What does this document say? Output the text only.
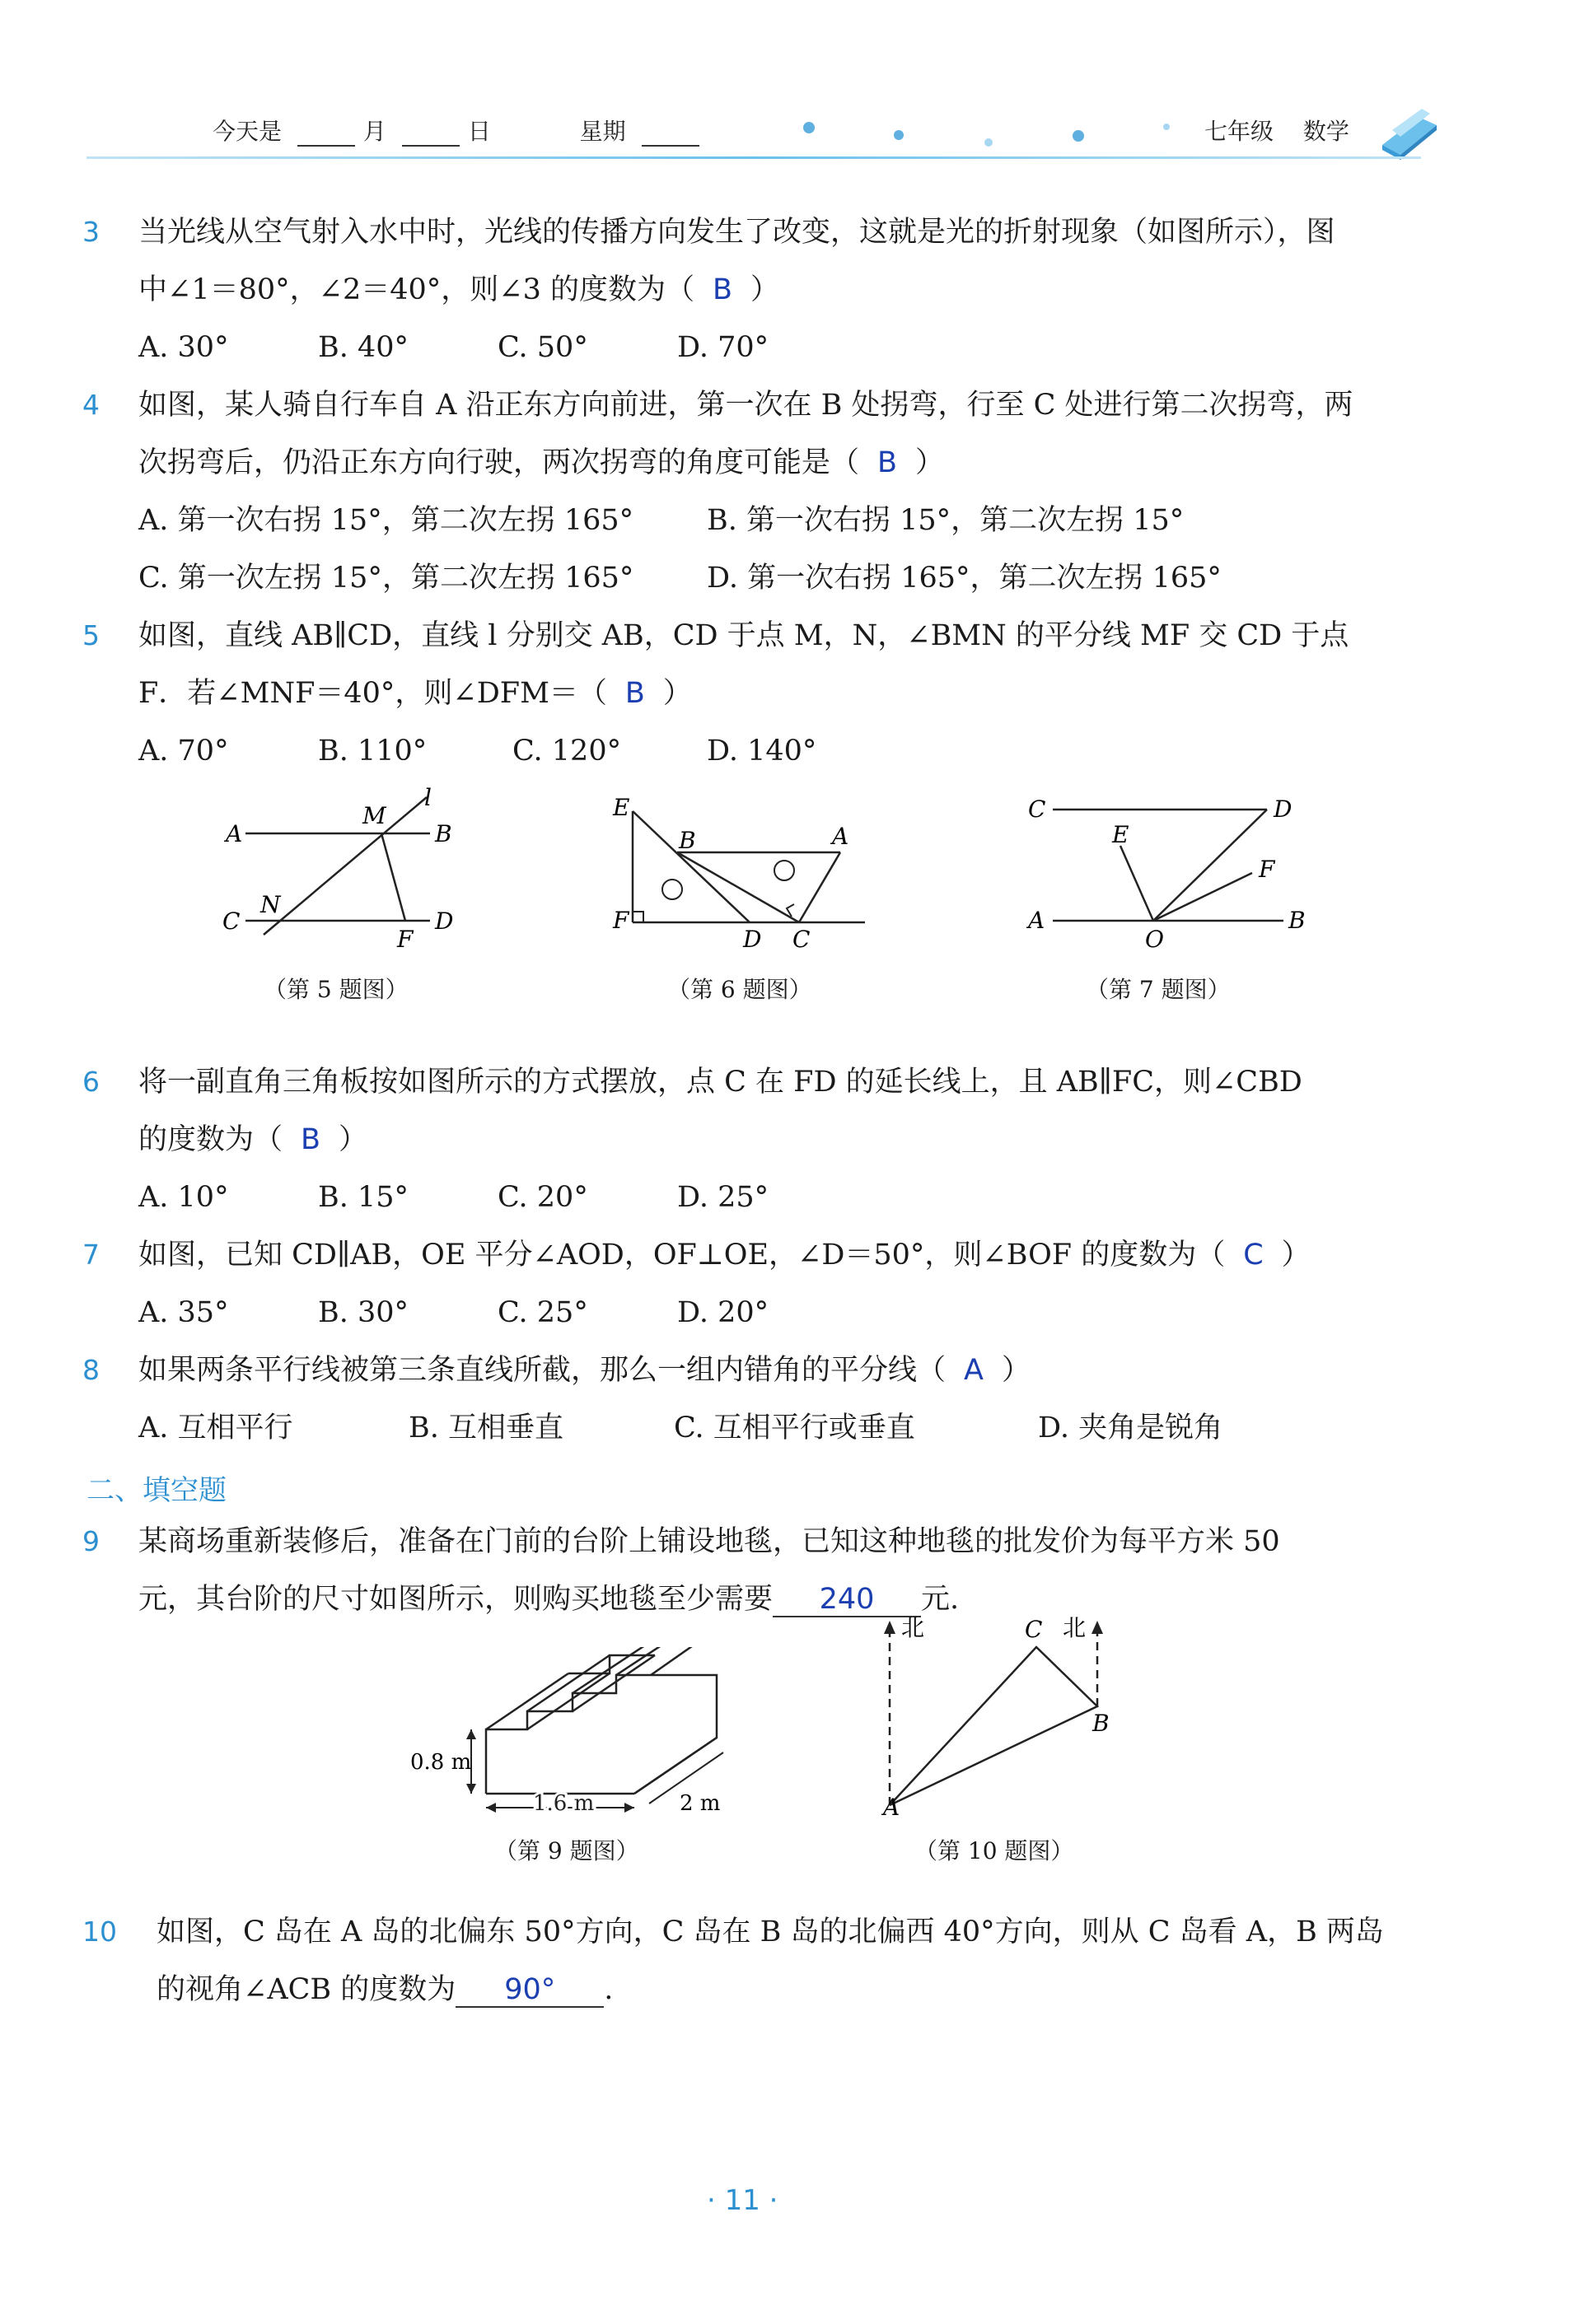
今天是	月	日	星期	七年级 数学
3 当光线从空气射入水中时，光线的传播方向发生了改变，这就是光的折射现象（如图所示），图
中∠1＝80°，∠2＝40°，则∠3 的度数为（ B ）
A. 30°	B. 40°	C. 50°	D. 70°
4 如图，某人骑自行车自 A 沿正东方向前进，第一次在 B 处拐弯，行至 C 处进行第二次拐弯，两
次拐弯后，仍沿正东方向行驶，两次拐弯的角度可能是（ B ）
A. 第一次右拐 15°，第二次左拐 165°	B. 第一次右拐 15°，第二次左拐 15°
C. 第一次左拐 15°，第二次左拐 165°	D. 第一次右拐 165°，第二次左拐 165°
5 如图，直线 AB∥CD，直线 l 分别交 AB，CD 于点 M，N，∠BMN 的平分线 MF 交 CD 于点
F．若∠MNF＝40°，则∠DFM＝（ B ）
A. 70°	B. 110°	C. 120°	D. 140°
A	B
C	D
M
N
F
l
（第 5 题图）
E
B	A
F
D C
（第 6 题图）
C	D
E
F
A
O
B
（第 7 题图）
6 将一副直角三角板按如图所示的方式摆放，点 C 在 FD 的延长线上，且 AB∥FC，则∠CBD
的度数为（ B ）
A. 10°	B. 15°	C. 20°	D. 25°
7 如图，已知 CD∥AB，OE 平分∠AOD，OF⊥OE，∠D＝50°，则∠BOF 的度数为（ C ）
A. 35°	B. 30°	C. 25°	D. 20°
8 如果两条平行线被第三条直线所截，那么一组内错角的平分线（ A ）
A. 互相平行	B. 互相垂直	C. 互相平行或垂直	D. 夹角是锐角
二、填空题
9 某商场重新装修后，准备在门前的台阶上铺设地毯，已知这种地毯的批发价为每平方米 50
元，其台阶的尺寸如图所示，则购买地毯至少需要 240 元.
0.8 m
1.6 m	2 m
（第 9 题图）
北	北
C
B
A
（第 10 题图）
10 如图，C 岛在 A 岛的北偏东 50°方向，C 岛在 B 岛的北偏西 40°方向，则从 C 岛看 A，B 两岛
的视角∠ACB 的度数为 90° .
· 11 ·
